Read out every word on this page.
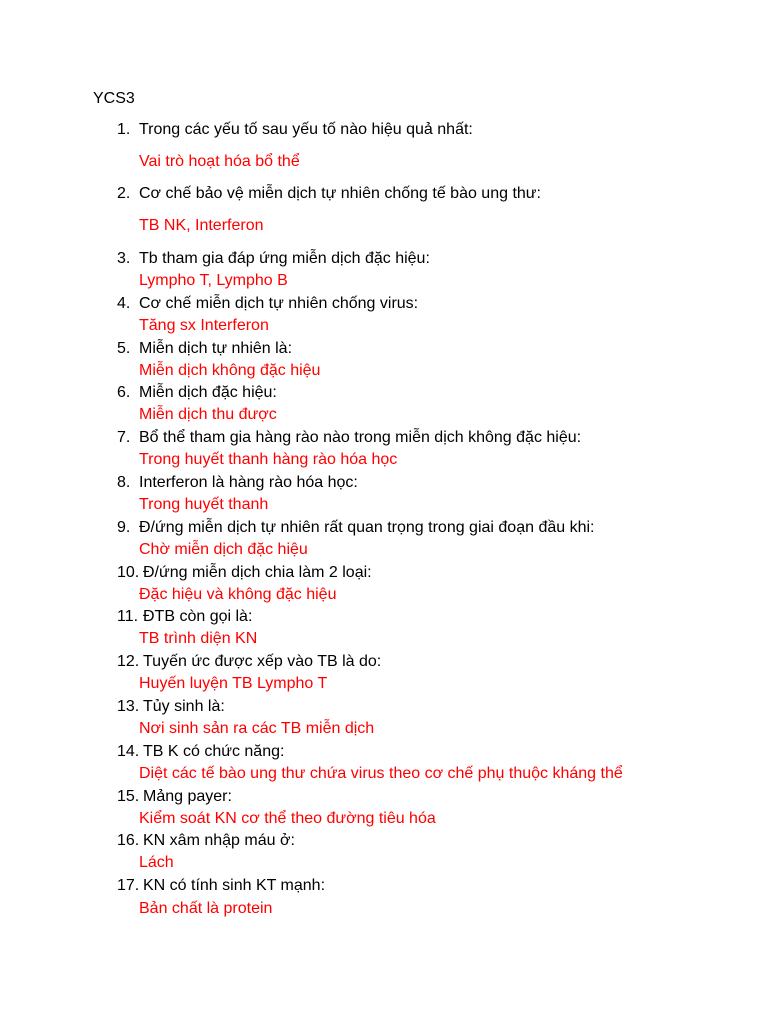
YCS3
1. Trong các yếu tố sau yếu tố nào hiệu quả nhất:
Vai trò hoạt hóa bổ thể
2. Cơ chế bảo vệ miễn dịch tự nhiên chống tế bào ung thư:
TB NK, Interferon
3. Tb tham gia đáp ứng miễn dịch đặc hiệu:
Lympho T, Lympho B
4. Cơ chế miễn dịch tự nhiên chống virus:
Tăng sx Interferon
5. Miễn dịch tự nhiên là:
Miễn dịch không đặc hiệu
6. Miễn dịch đặc hiệu:
Miễn dịch thu được
7. Bổ thể tham gia hàng rào nào trong miễn dịch không đặc hiệu:
Trong huyết thanh hàng rào hóa học
8. Interferon là hàng rào hóa học:
Trong huyết thanh
9. Đ/ứng miễn dịch tự nhiên rất quan trọng trong giai đoạn đầu khi:
Chờ miễn dịch đặc hiệu
10. Đ/ứng miễn dịch chia làm 2 loại:
Đặc hiệu và không đặc hiệu
11. ĐTB còn gọi là:
TB trình diện KN
12. Tuyến ức được xếp vào TB là do:
Huyến luyện TB Lympho T
13. Tủy sinh là:
Nơi sinh sản ra các TB miễn dịch
14. TB K có chức năng:
Diệt các tế bào ung thư chứa virus theo cơ chế phụ thuộc kháng thể
15. Mảng payer:
Kiểm soát KN cơ thể theo đường tiêu hóa
16. KN xâm nhập máu ở:
Lách
17. KN có tính sinh KT mạnh:
Bản chất là protein
